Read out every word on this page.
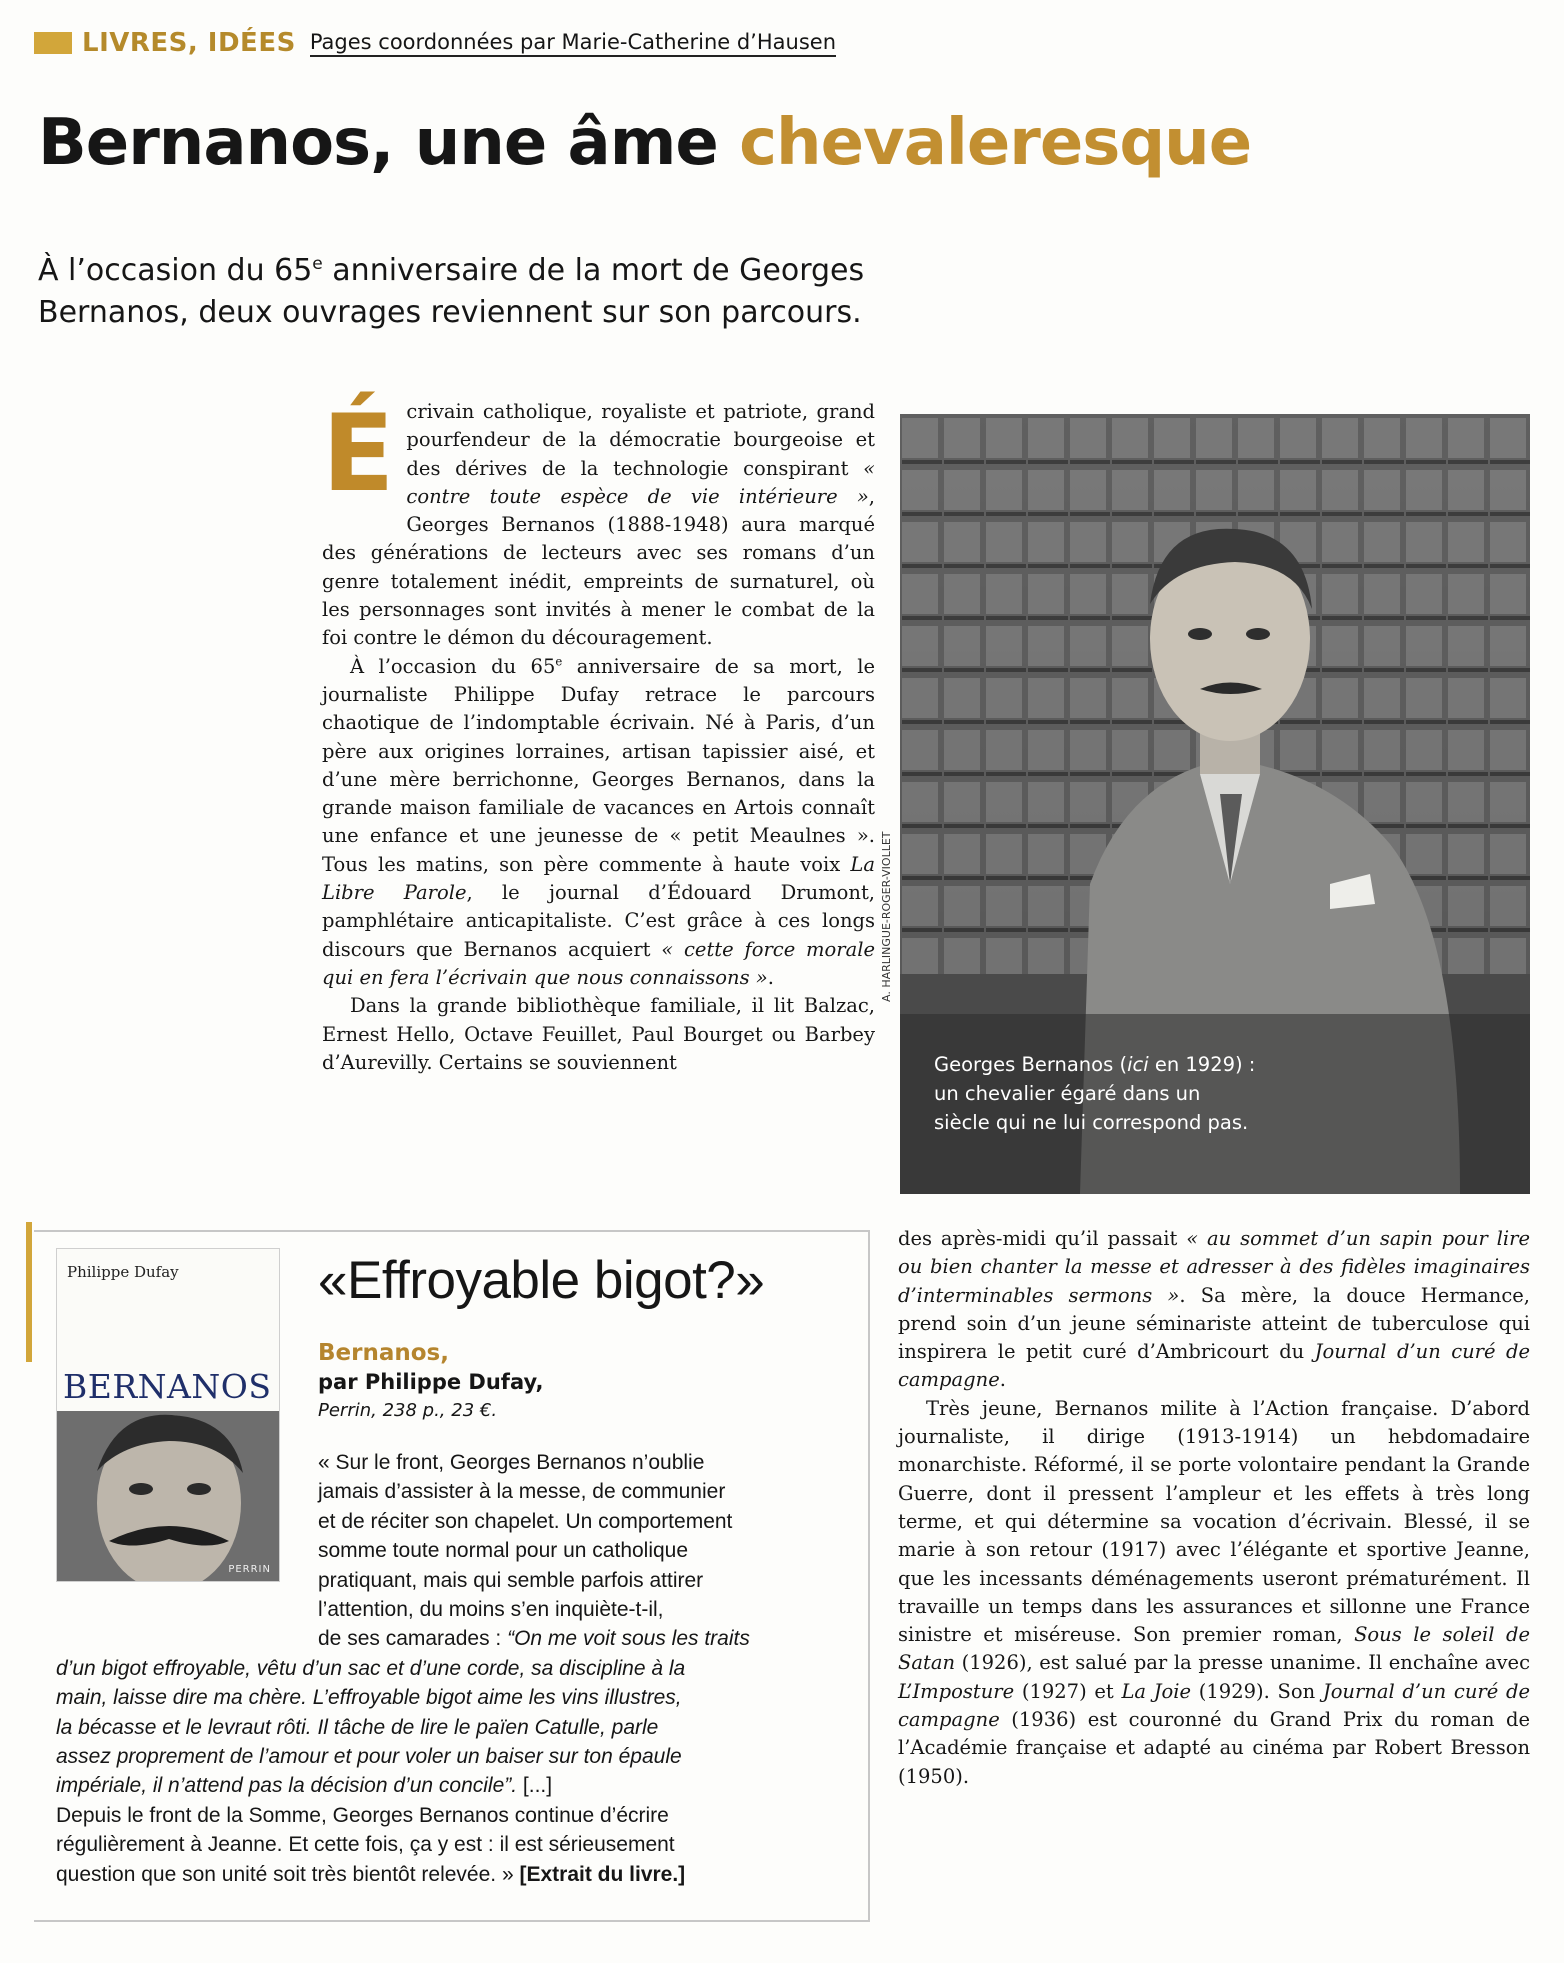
LIVRES, IDÉES Pages coordonnées par Marie-Catherine d’Hausen
Bernanos, une âme chevaleresque
À l’occasion du 65e anniversaire de la mort de Georges
Bernanos, deux ouvrages reviennent sur son parcours.

Écrivain catholique, royaliste et patriote, grand pourfendeur de la démocratie bourgeoise et des dérives de la technologie conspirant « contre toute espèce de vie intérieure », Georges Bernanos (1888-1948) aura marqué des générations de lecteurs avec ses romans d’un genre totalement inédit, empreints de surnaturel, où les personnages sont invités à mener le combat de la foi contre le démon du découragement.

À l’occasion du 65e anniversaire de sa mort, le journaliste Philippe Dufay retrace le parcours chaotique de l’indomptable écrivain. Né à Paris, d’un père aux origines lorraines, artisan tapissier aisé, et d’une mère berrichonne, Georges Bernanos, dans la grande maison familiale de vacances en Artois connaît une enfance et une jeunesse de « petit Meaulnes ». Tous les matins, son père commente à haute voix La Libre Parole, le journal d’Édouard Drumont, pamphlétaire anticapitaliste. C’est grâce à ces longs discours que Bernanos acquiert « cette force morale qui en fera l’écrivain que nous connaissons ».

Dans la grande bibliothèque familiale, il lit Balzac, Ernest Hello, Octave Feuillet, Paul Bourget ou Barbey d’Aurevilly. Certains se souviennent	Georges Bernanos (ici en 1929) :
un chevalier égaré dans un
siècle qui ne lui correspond pas.
A. HARLINGUE-ROGER-VIOLLET
Philippe Dufay
BERNANOS
PERRIN
«Effroyable bigot?»
Bernanos,
par Philippe Dufay,
Perrin, 238 p., 23 €.
« Sur le front, Georges Bernanos n’oublie
jamais d’assister à la messe, de communier
et de réciter son chapelet. Un comportement
somme toute normal pour un catholique
pratiquant, mais qui semble parfois attirer
l’attention, du moins s’en inquiète-t-il,
de ses camarades : “On me voit sous les traits
d’un bigot effroyable, vêtu d’un sac et d’une corde, sa discipline à la
main, laisse dire ma chère. L’effroyable bigot aime les vins illustres,
la bécasse et le levraut rôti. Il tâche de lire le païen Catulle, parle
assez proprement de l’amour et pour voler un baiser sur ton épaule
impériale, il n’attend pas la décision d’un concile”. [...]
Depuis le front de la Somme, Georges Bernanos continue d’écrire
régulièrement à Jeanne. Et cette fois, ça y est : il est sérieusement
question que son unité soit très bientôt relevée. » [Extrait du livre.]

des après-midi qu’il passait « au sommet d’un sapin pour lire ou bien chanter la messe et adresser à des fidèles imaginaires d’interminables sermons ». Sa mère, la douce Hermance, prend soin d’un jeune séminariste atteint de tuberculose qui inspirera le petit curé d’Ambricourt du Journal d’un curé de campagne.

Très jeune, Bernanos milite à l’Action française. D’abord journaliste, il dirige (1913-1914) un hebdomadaire monarchiste. Réformé, il se porte volontaire pendant la Grande Guerre, dont il pressent l’ampleur et les effets à très long terme, et qui détermine sa vocation d’écrivain. Blessé, il se marie à son retour (1917) avec l’élégante et sportive Jeanne, que les incessants déménagements useront prématurément. Il travaille un temps dans les assurances et sillonne une France sinistre et miséreuse. Son premier roman, Sous le soleil de Satan (1926), est salué par la presse unanime. Il enchaîne avec L’Imposture (1927) et La Joie (1929). Son Journal d’un curé de campagne (1936) est couronné du Grand Prix du roman de l’Académie française et adapté au cinéma par Robert Bresson (1950).
